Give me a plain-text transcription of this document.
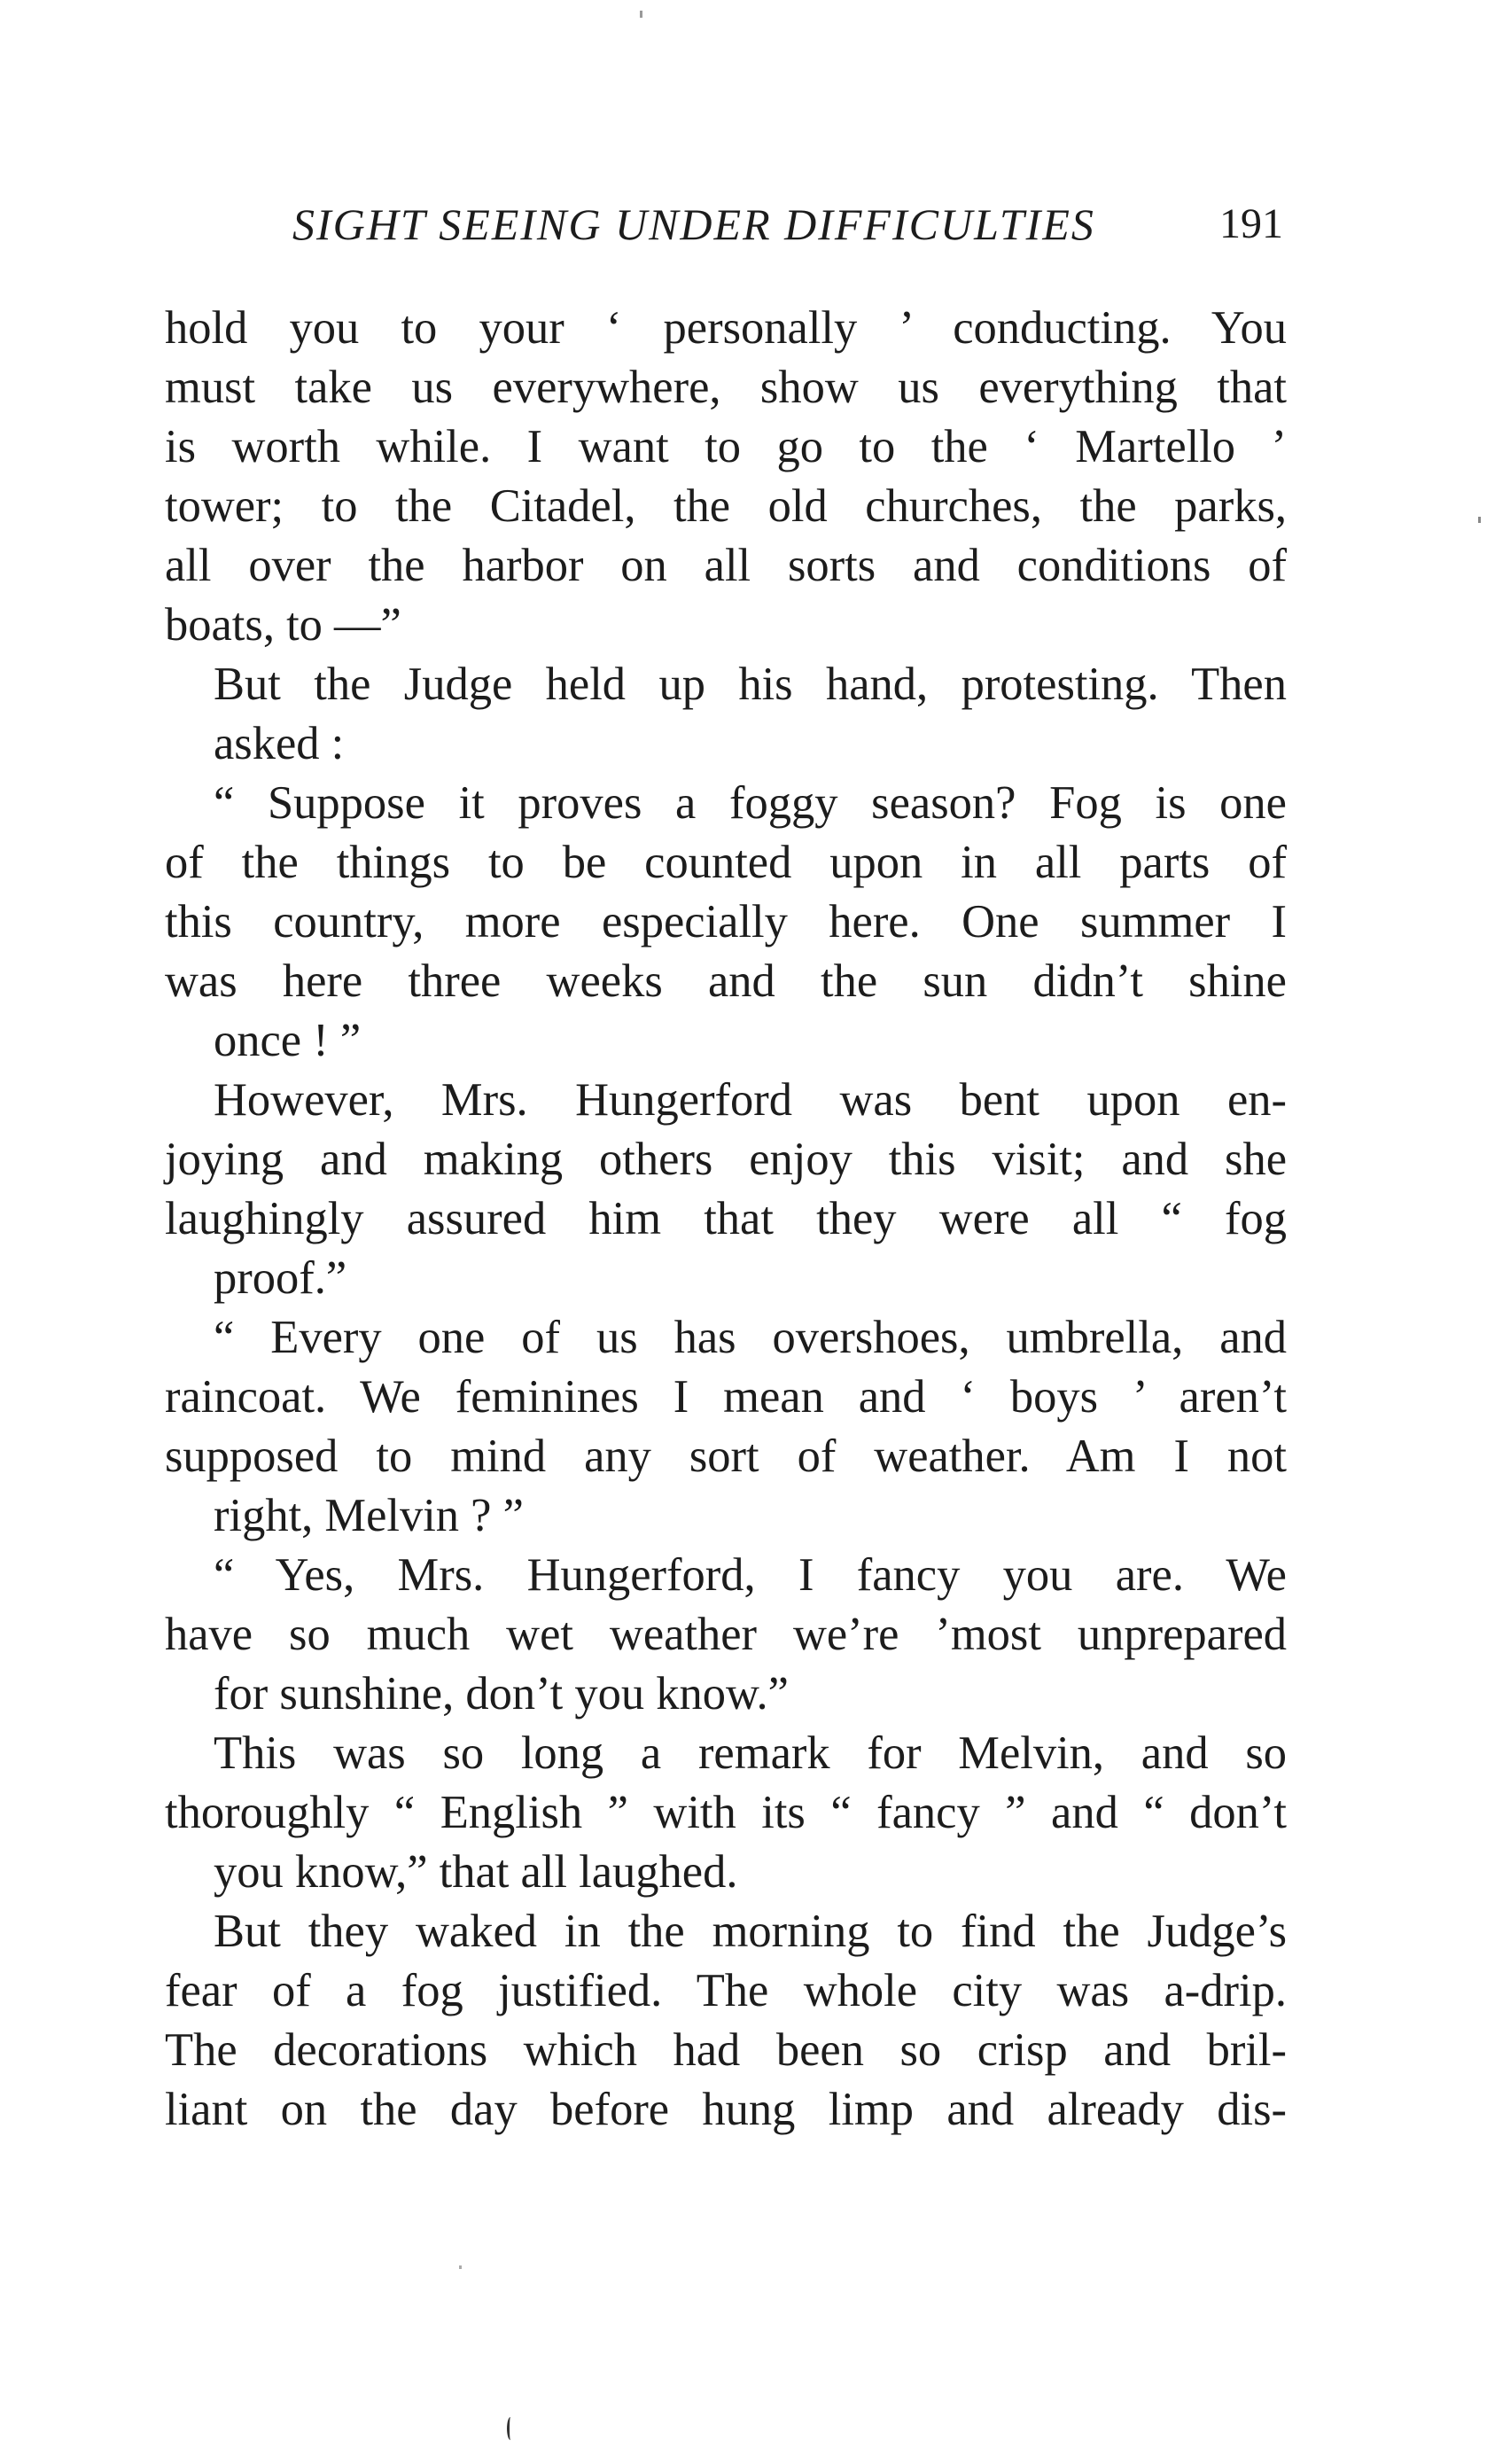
SIGHT SEEING UNDER DIFFICULTIES	191

hold you to your ‘ personally ’ conducting. You
must take us everywhere, show us everything that
is worth while. I want to go to the ‘ Martello ’
tower; to the Citadel, the old churches, the parks,
all over the harbor on all sorts and conditions of
boats, to —”

But the Judge held up his hand, protesting. Then
asked :

“ Suppose it proves a foggy season? Fog is one
of the things to be counted upon in all parts of
this country, more especially here. One summer I
was here three weeks and the sun didn’t shine
once ! ”

However, Mrs. Hungerford was bent upon en-
joying and making others enjoy this visit; and she
laughingly assured him that they were all “ fog
proof.”

“ Every one of us has overshoes, umbrella, and
raincoat. We feminines I mean and ‘ boys ’ aren’t
supposed to mind any sort of weather. Am I not
right, Melvin ? ”

“ Yes, Mrs. Hungerford, I fancy you are. We
have so much wet weather we’re ’most unprepared
for sunshine, don’t you know.”

This was so long a remark for Melvin, and so
thoroughly “ English ” with its “ fancy ” and “ don’t
you know,” that all laughed.

But they waked in the morning to find the Judge’s
fear of a fog justified. The whole city was a-drip.
The decorations which had been so crisp and bril-
liant on the day before hung limp and already dis-
